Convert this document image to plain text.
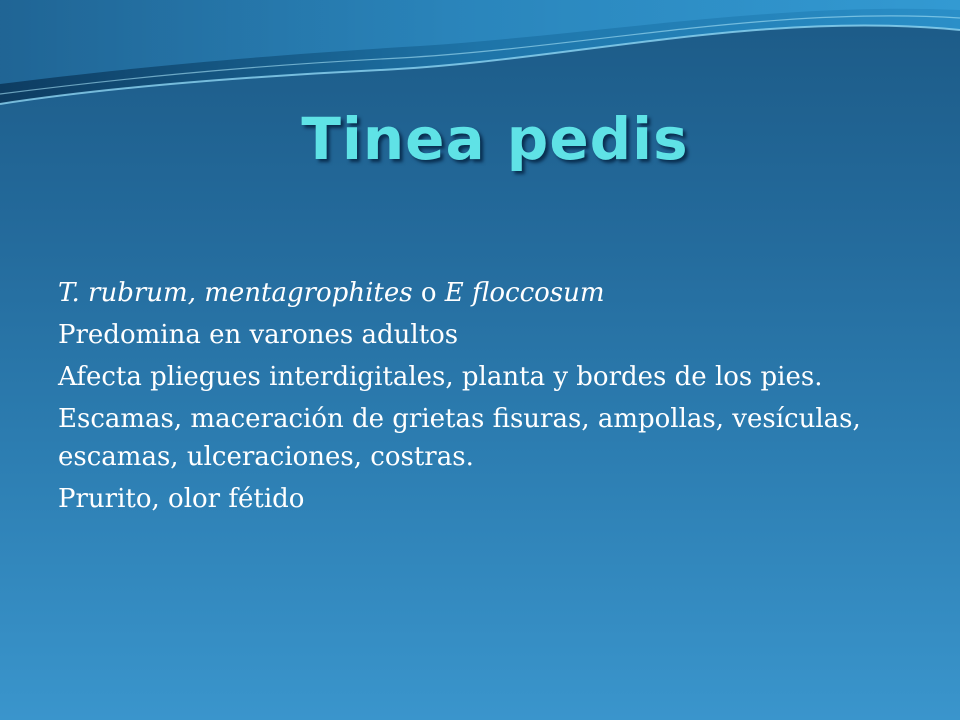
Tinea pedis
T. rubrum, mentagrophites o E floccosum
Predomina en varones adultos
Afecta pliegues interdigitales, planta y bordes de los pies.
Escamas, maceración de grietas fisuras, ampollas, vesículas, escamas, ulceraciones, costras.
Prurito, olor fétido
